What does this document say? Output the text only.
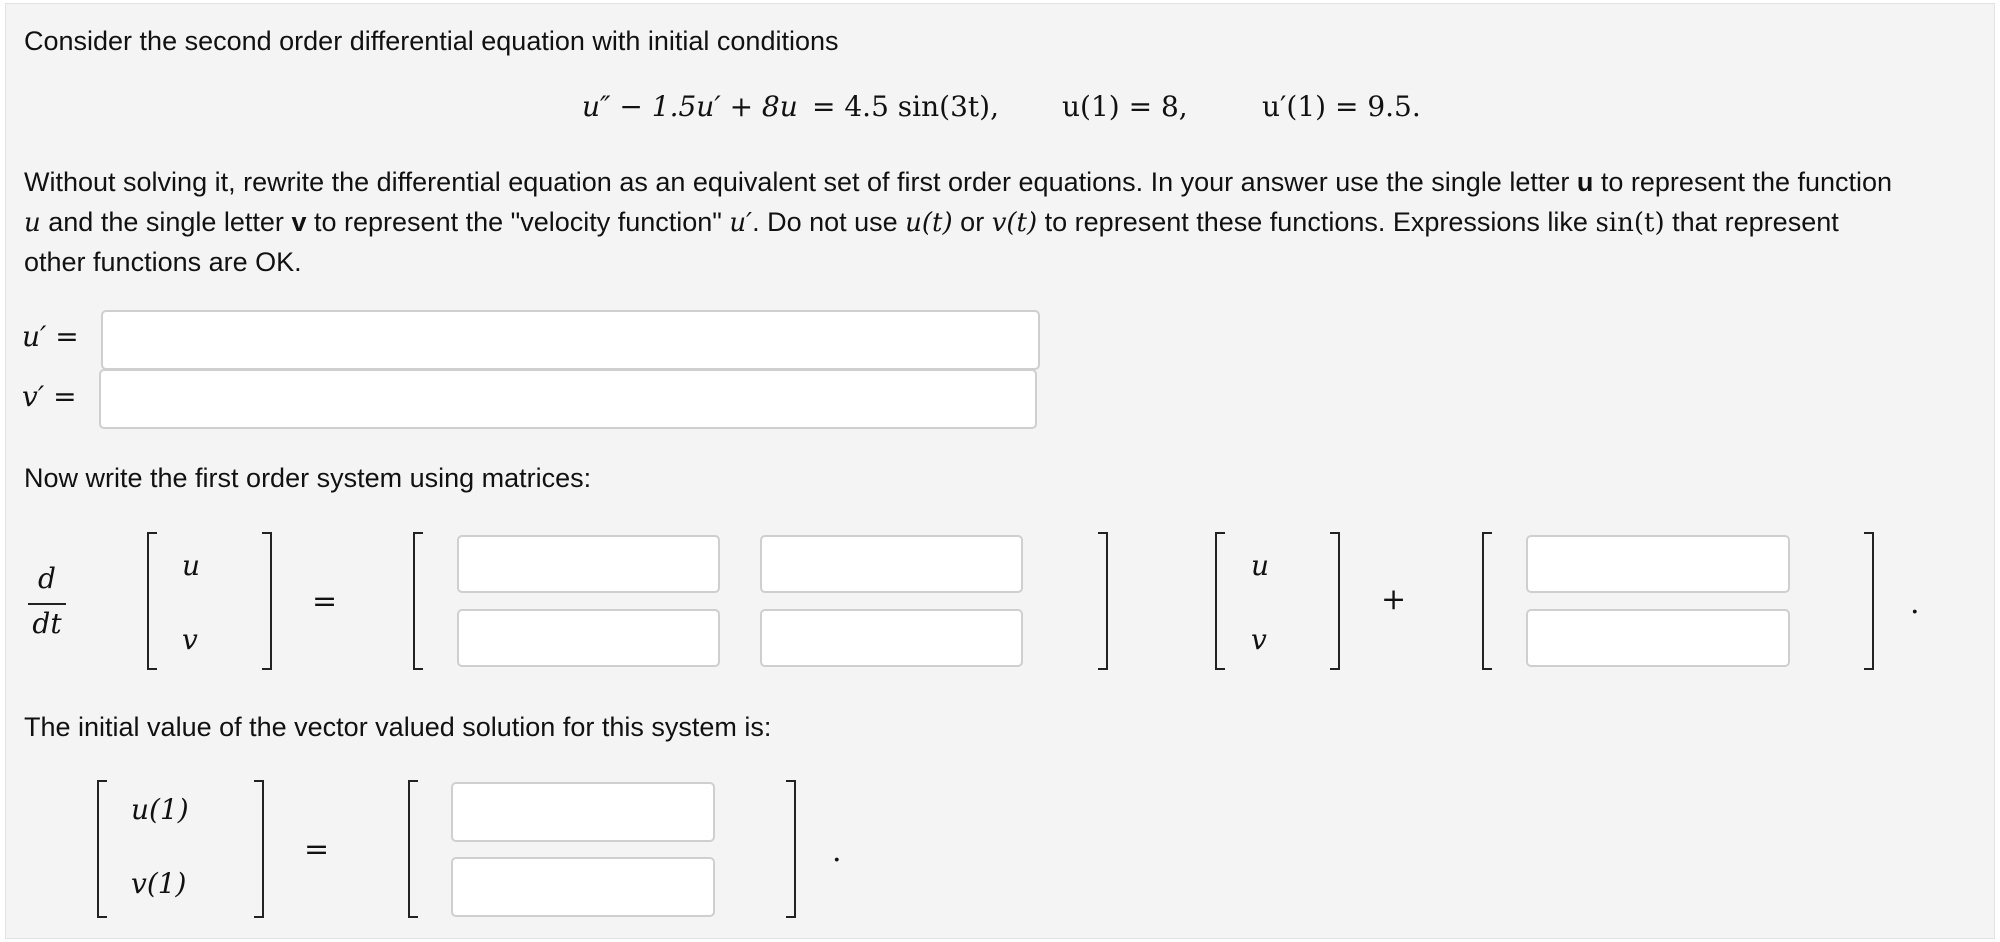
Consider the second order differential equation with initial conditions
u″ − 1.5u′ + 8u = 4.5 sin(3t), u(1) = 8,	u′(1) = 9.5.
Without solving it, rewrite the differential equation as an equivalent set of first order equations. In your answer use the single letter u to represent the function
u and the single letter v to represent the "velocity function" u′. Do not use u(t) or v(t) to represent these functions. Expressions like sin(t) that represent
other functions are OK.
u′ =
v′ =
Now write the first order system using matrices:
d
dt
u
v
=
u
v
+	.
The initial value of the vector valued solution for this system is:
u(1)
v(1)
=	.
